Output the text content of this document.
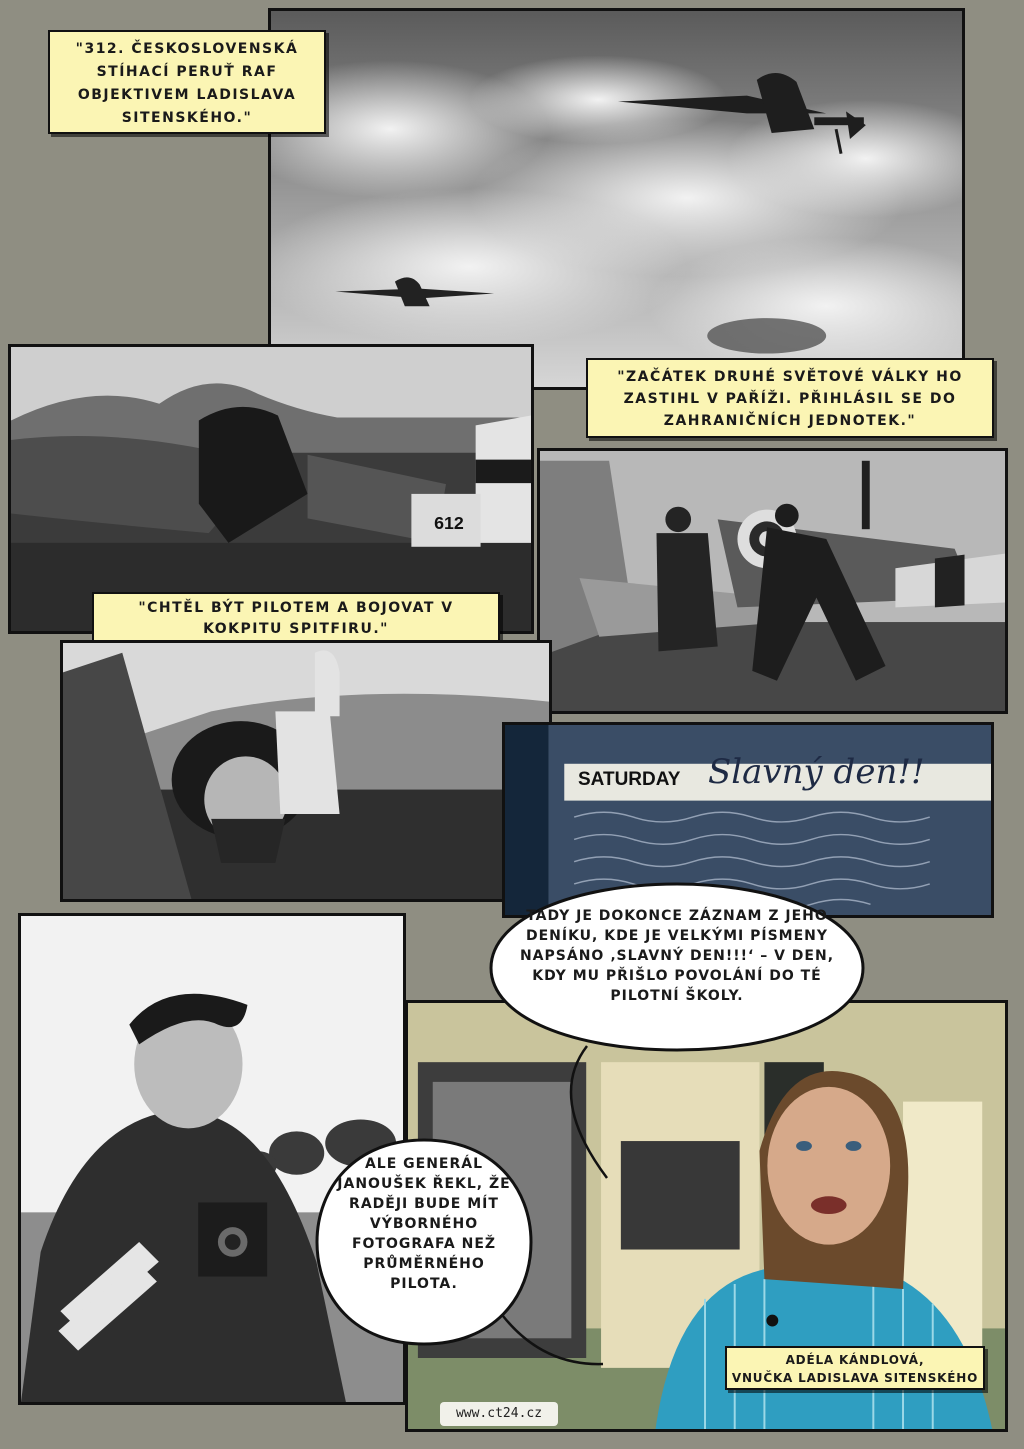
"312. ČESKOSLOVENSKÁ STÍHACÍ PERUŤ RAF OBJEKTIVEM LADISLAVA SITENSKÉHO."
612
"ZAČÁTEK DRUHÉ SVĚTOVÉ VÁLKY HO ZASTIHL V PAŘÍŽI. PŘIHLÁSIL SE DO ZAHRANIČNÍCH JEDNOTEK."
"CHTĚL BÝT PILOTEM A BOJOVAT V KOKPITU SPITFIRU."
SATURDAY Slavný den!!
TADY JE DOKONCE ZÁZNAM Z JEHO DENÍKU, KDE JE VELKÝMI PÍSMENY NAPSÁNO ‚SLAVNÝ DEN!!!‘ – V DEN, KDY MU PŘIŠLO POVOLÁNÍ DO TÉ PILOTNÍ ŠKOLY.
ALE GENERÁL JANOUŠEK ŘEKL, ŽE RADĚJI BUDE MÍT VÝBORNÉHO FOTOGRAFA NEŽ PRŮMĚRNÉHO PILOTA.
ADÉLA KÁNDLOVÁ,
VNUČKA LADISLAVA SITENSKÉHO
www.ct24.cz
